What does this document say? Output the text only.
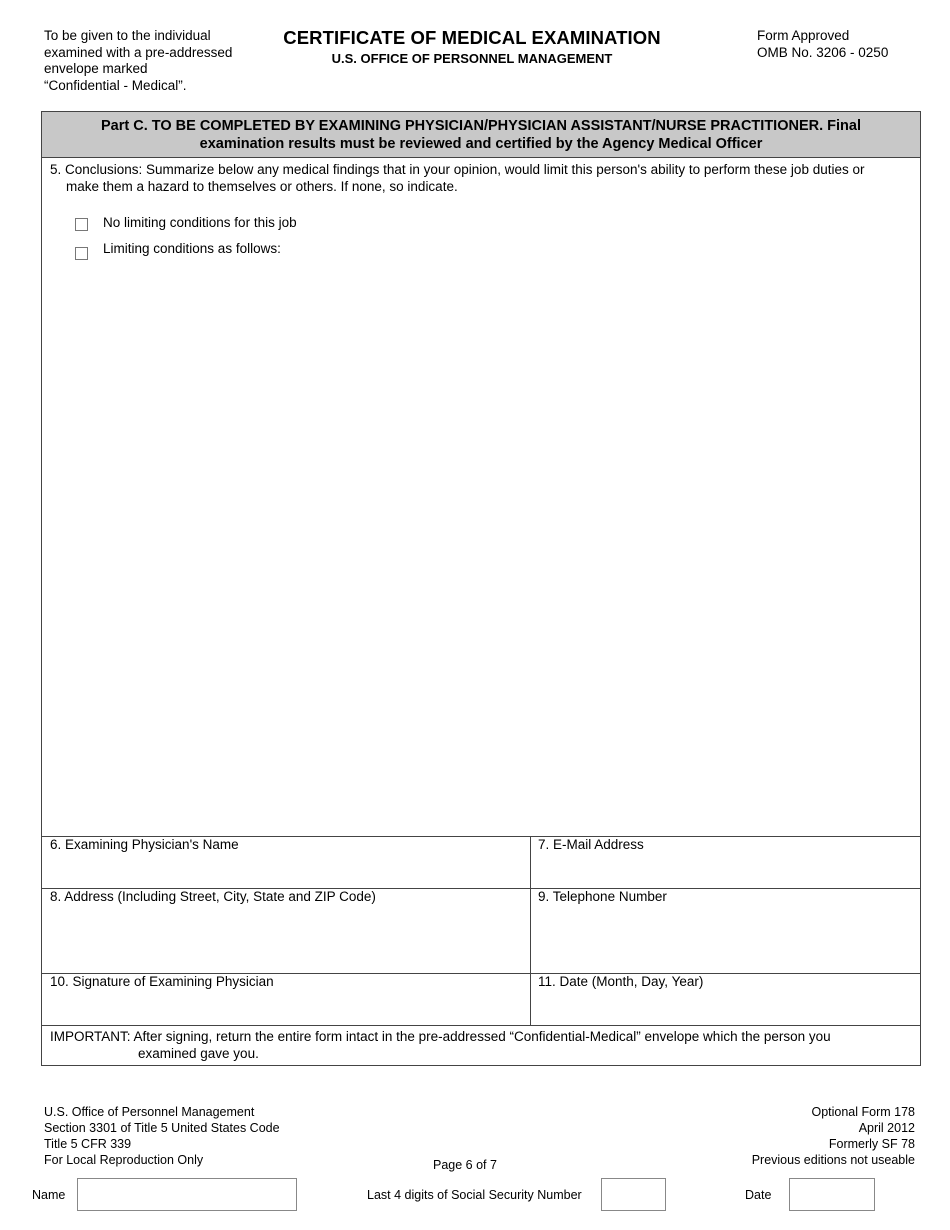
To be given to the individual
examined with a pre-addressed
envelope marked
“Confidential - Medical”.
CERTIFICATE OF MEDICAL EXAMINATION
U.S. OFFICE OF PERSONNEL MANAGEMENT
Form Approved
OMB No. 3206 - 0250
Part C. TO BE COMPLETED BY EXAMINING PHYSICIAN/PHYSICIAN ASSISTANT/NURSE PRACTITIONER. Final
examination results must be reviewed and certified by the Agency Medical Officer
5. Conclusions: Summarize below any medical findings that in your opinion, would limit this person's ability to perform these job duties or
make them a hazard to themselves or others. If none, so indicate.
No limiting conditions for this job
Limiting conditions as follows:
6. Examining Physician's Name	7. E-Mail Address
8. Address (Including Street, City, State and ZIP Code)	9. Telephone Number
10. Signature of Examining Physician	11. Date (Month, Day, Year)
IMPORTANT: After signing, return the entire form intact in the pre-addressed “Confidential-Medical” envelope which the person you
examined gave you.
U.S. Office of Personnel Management
Section 3301 of Title 5 United States Code
Title 5 CFR 339
For Local Reproduction Only	Page 6 of 7
Optional Form 178
April 2012
Formerly SF 78
Previous editions not useable
Name	Last 4 digits of Social Security Number	Date
